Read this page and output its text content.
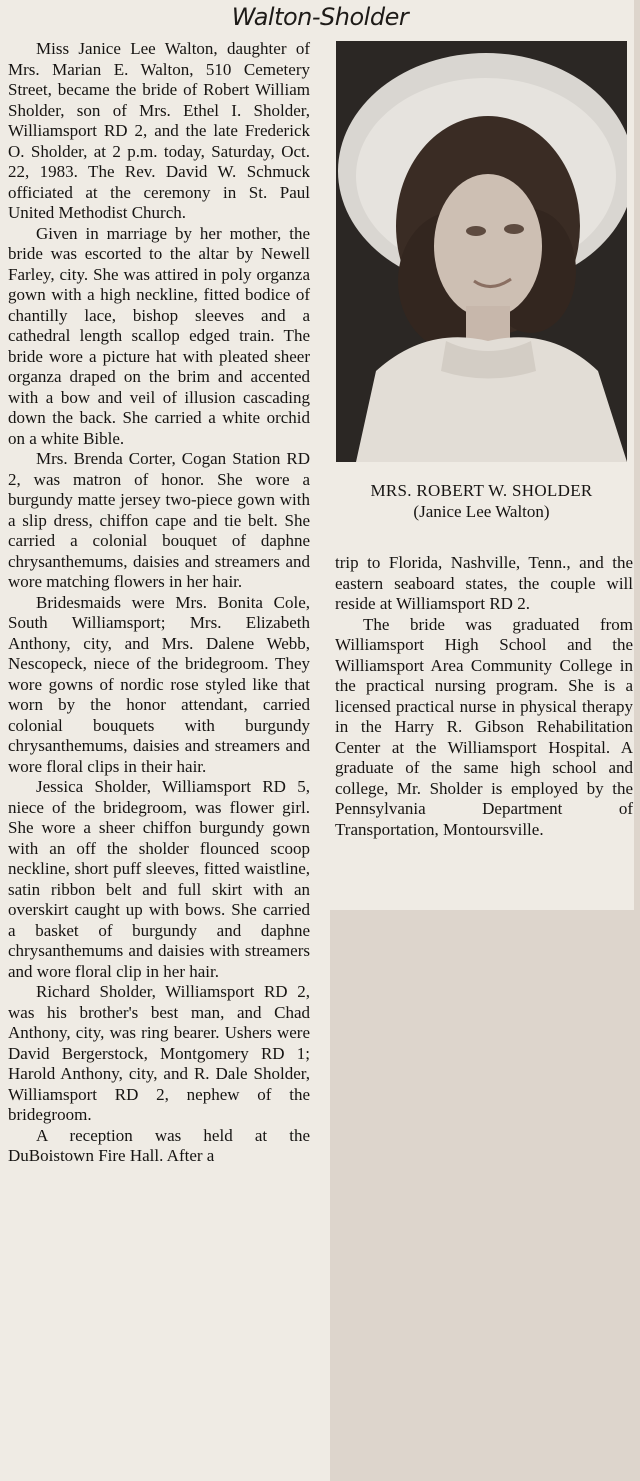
Walton-Sholder

Miss Janice Lee Walton, daughter of Mrs. Marian E. Walton, 510 Cemetery Street, became the bride of Robert William Sholder, son of Mrs. Ethel I. Sholder, Williamsport RD 2, and the late Frederick O. Sholder, at 2 p.m. today, Saturday, Oct. 22, 1983. The Rev. David W. Schmuck officiated at the ceremony in St. Paul United Methodist Church.

Given in marriage by her mother, the bride was escorted to the altar by Newell Farley, city. She was attired in poly organza gown with a high neckline, fitted bodice of chantilly lace, bishop sleeves and a cathedral length scallop edged train. The bride wore a picture hat with pleated sheer organza draped on the brim and accented with a bow and veil of illusion cascading down the back. She carried a white orchid on a white Bible.

Mrs. Brenda Corter, Cogan Station RD 2, was matron of honor. She wore a burgundy matte jersey two-piece gown with a slip dress, chiffon cape and tie belt. She carried a colonial bouquet of daphne chrysanthemums, daisies and streamers and wore matching flowers in her hair.

Bridesmaids were Mrs. Bonita Cole, South Williamsport; Mrs. Elizabeth Anthony, city, and Mrs. Dalene Webb, Nescopeck, niece of the bridegroom. They wore gowns of nordic rose styled like that worn by the honor attendant, carried colonial bouquets with burgundy chrysanthemums, daisies and streamers and wore floral clips in their hair.

Jessica Sholder, Williamsport RD 5, niece of the bridegroom, was flower girl. She wore a sheer chiffon burgundy gown with an off the sholder flounced scoop neckline, short puff sleeves, fitted waistline, satin ribbon belt and full skirt with an overskirt caught up with bows. She carried a basket of burgundy and daphne chrysanthemums and daisies with streamers and wore floral clip in her hair.

Richard Sholder, Williamsport RD 2, was his brother's best man, and Chad Anthony, city, was ring bearer. Ushers were David Bergerstock, Montgomery RD 1; Harold Anthony, city, and R. Dale Sholder, Williamsport RD 2, nephew of the bridegroom.

A reception was held at the DuBoistown Fire Hall. After a

MRS. ROBERT W. SHOLDER
(Janice Lee Walton)

trip to Florida, Nashville, Tenn., and the eastern seaboard states, the couple will reside at Williamsport RD 2.

The bride was graduated from Williamsport High School and the Williamsport Area Community College in the practical nursing program. She is a licensed practical nurse in physical therapy in the Harry R. Gibson Rehabilitation Center at the Williamsport Hospital. A graduate of the same high school and college, Mr. Sholder is employed by the Pennsylvania Department of Transportation, Montoursville.
